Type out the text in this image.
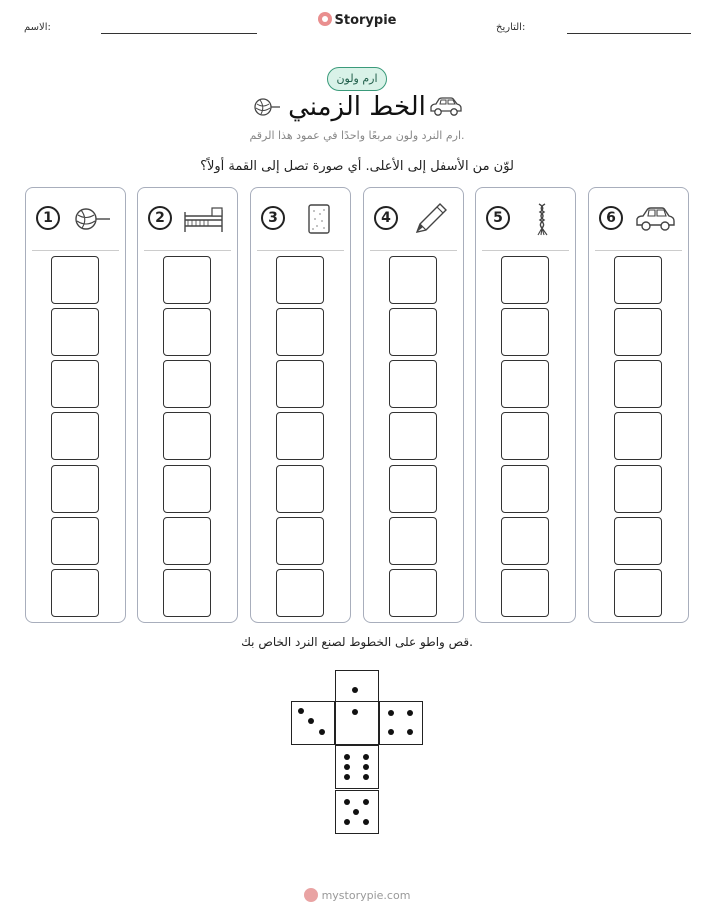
التاريخ:
Storypie
الاسم:
ارم ولون
الخط الزمني
ارم النرد ولون مربعًا واحدًا في عمود هذا الرقم.
لوّن من الأسفل إلى الأعلى. أي صورة تصل إلى القمة أولاً؟
1	2	3	4	5	6
قص واطو على الخطوط لصنع النرد الخاص بك.
mystorypie.com
